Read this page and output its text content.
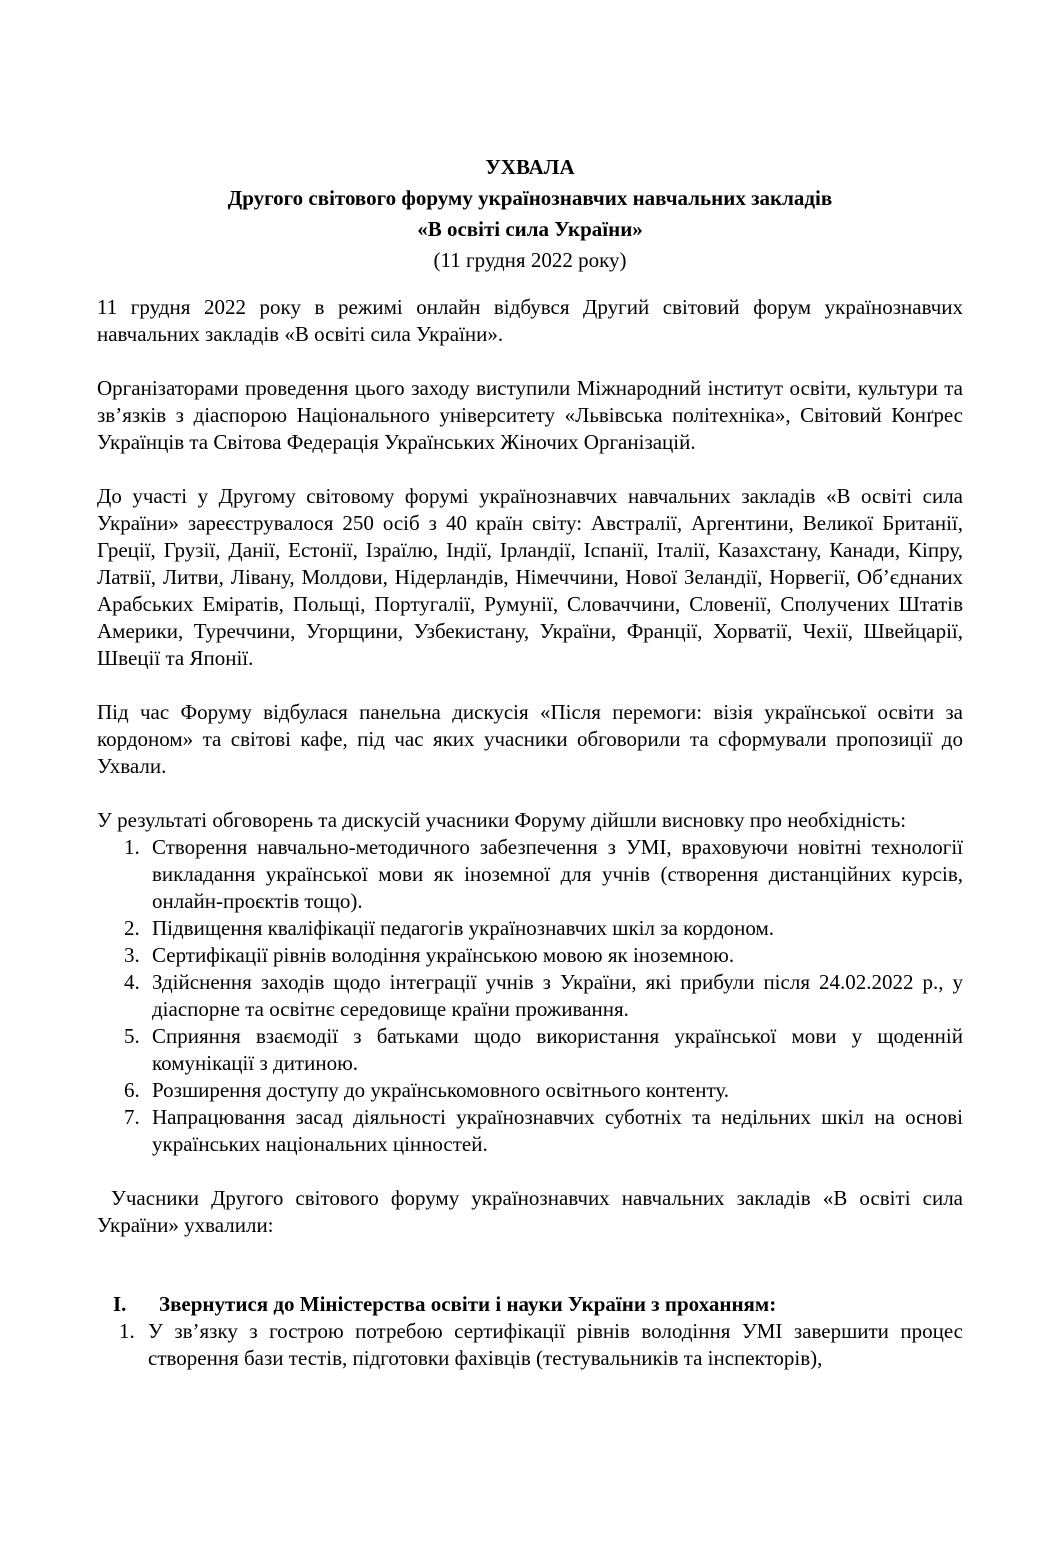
УХВАЛА
Другого світового форуму українознавчих навчальних закладів
«В освіті сила України»
(11 грудня 2022 року)

11 грудня 2022 року в режимі онлайн відбувся Другий світовий форум українознавчих навчальних закладів «В освіті сила України».

Організаторами проведення цього заходу виступили Міжнародний інститут освіти, культури та зв’язків з діаспорою Національного університету «Львівська політехніка», Світовий Конґрес Українців та Світова Федерація Українських Жіночих Організацій.

До участі у Другому світовому форумі українознавчих навчальних закладів «В освіті сила України» зареєструвалося 250 осіб з 40 країн світу: Австралії, Аргентини, Великої Британії, Греції, Грузії, Данії, Естонії, Ізраїлю, Індії, Ірландії, Іспанії, Італії, Казахстану, Канади, Кіпру, Латвії, Литви, Лівану, Молдови, Нідерландів, Німеччини, Нової Зеландії, Норвегії, Об’єднаних Арабських Еміратів, Польщі, Португалії, Румунії, Словаччини, Словенії, Сполучених Штатів Америки, Туреччини, Угорщини, Узбекистану, України, Франції, Хорватії, Чехії, Швейцарії, Швеції та Японії.

Під час Форуму відбулася панельна дискусія «Після перемоги: візія української освіти за кордоном» та світові кафе, під час яких учасники обговорили та сформували пропозиції до Ухвали.

У результаті обговорень та дискусій учасники Форуму дійшли висновку про необхідність:

1. Створення навчально-методичного забезпечення з УМІ, враховуючи новітні технології викладання української мови як іноземної для учнів (створення дистанційних курсів, онлайн-проєктів тощо).
2. Підвищення кваліфікації педагогів українознавчих шкіл за кордоном.
3. Сертифікації рівнів володіння українською мовою як іноземною.
4. Здійснення заходів щодо інтеграції учнів з України, які прибули після 24.02.2022 р., у діаспорне та освітнє середовище країни проживання.
5. Сприяння взаємодії з батьками щодо використання української мови у щоденній комунікації з дитиною.
6. Розширення доступу до українськомовного освітнього контенту.
7. Напрацювання засад діяльності українознавчих суботніх та недільних шкіл на основі українських національних цінностей.

Учасники Другого світового форуму українознавчих навчальних закладів «В освіті сила України» ухвалили:

I. Звернутися до Міністерства освіти і науки України з проханням:
1. У зв’язку з гострою потребою сертифікації рівнів володіння УМІ завершити процес створення бази тестів, підготовки фахівців (тестувальників та інспекторів),
